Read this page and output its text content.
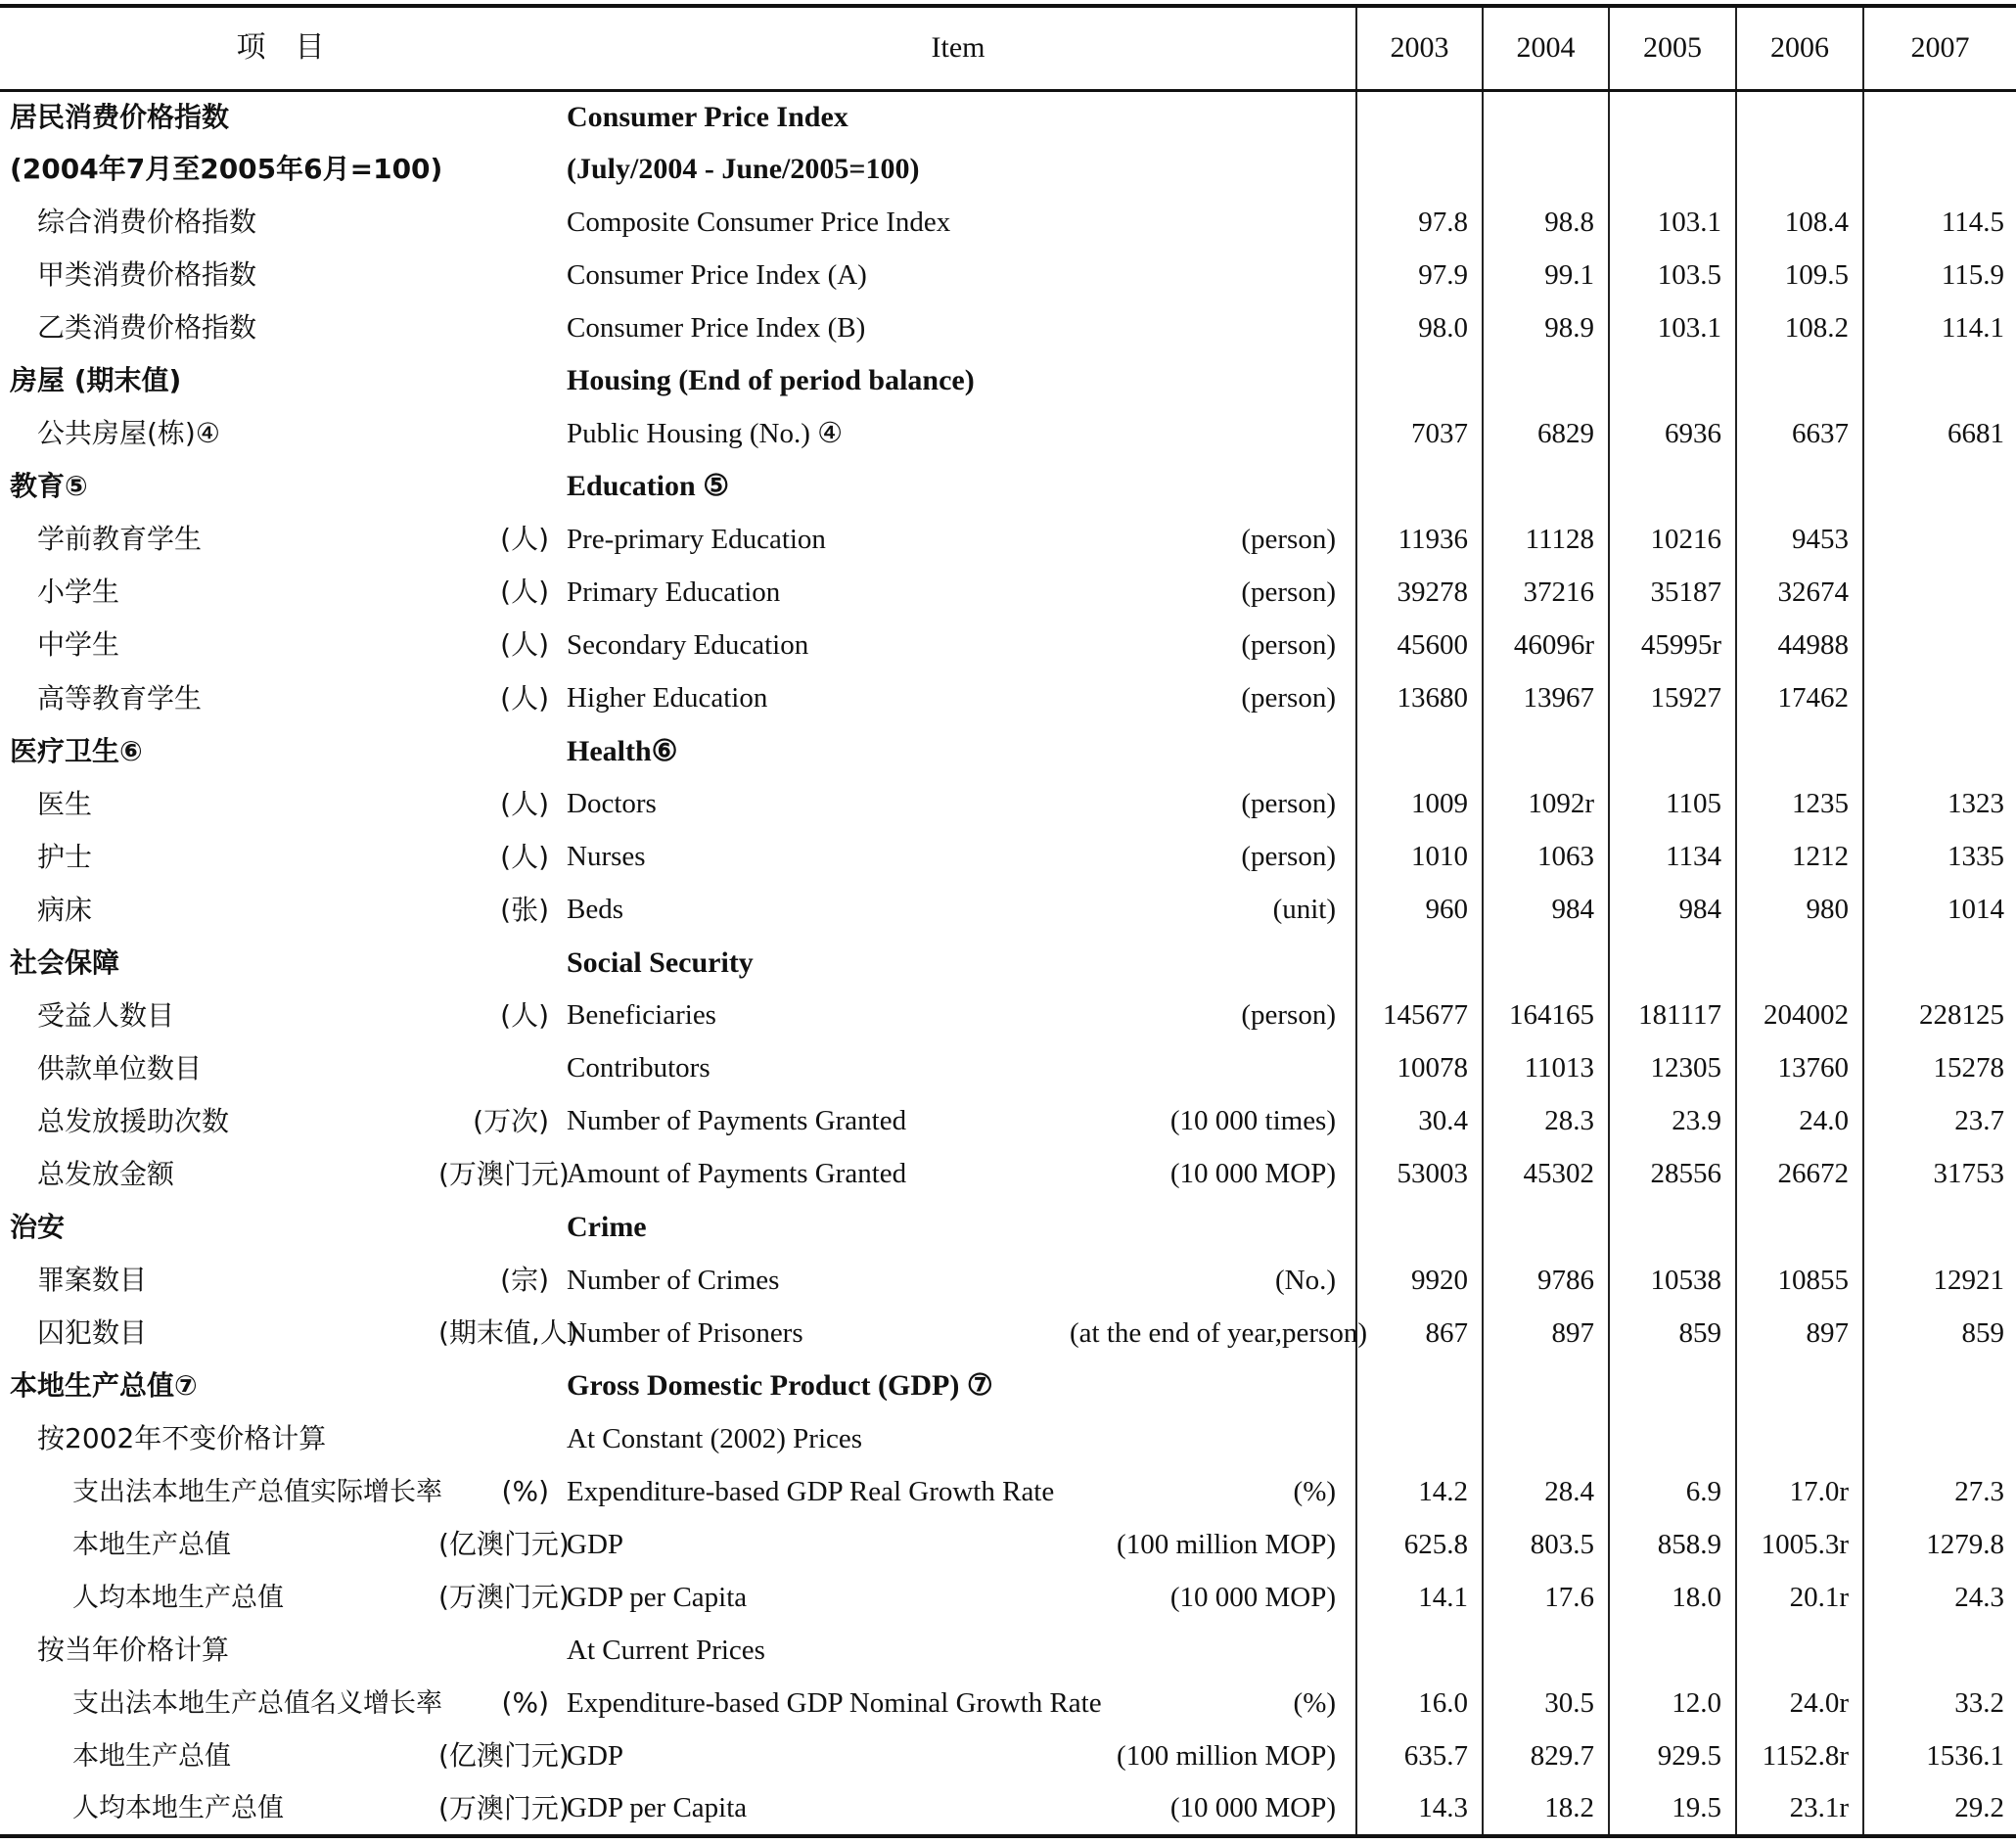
项　目		Item		2003	2004	2005	2006	2007
居民消费价格指数		Consumer Price Index						
(2004年7月至2005年6月=100)		(July/2004 - June/2005=100)						
综合消费价格指数		Composite Consumer Price Index		97.8	98.8	103.1	108.4	114.5
甲类消费价格指数		Consumer Price Index (A)		97.9	99.1	103.5	109.5	115.9
乙类消费价格指数		Consumer Price Index (B)		98.0	98.9	103.1	108.2	114.1
房屋 (期末值)		Housing (End of period balance)						
公共房屋(栋)④		Public Housing (No.) ④		7037	6829	6936	6637	6681
教育⑤		Education ⑤						
学前教育学生	(人)	Pre-primary Education	(person)	11936	11128	10216	9453	
小学生	(人)	Primary Education	(person)	39278	37216	35187	32674	
中学生	(人)	Secondary Education	(person)	45600	46096r	45995r	44988	
高等教育学生	(人)	Higher Education	(person)	13680	13967	15927	17462	
医疗卫生⑥		Health⑥						
医生	(人)	Doctors	(person)	1009	1092r	1105	1235	1323
护士	(人)	Nurses	(person)	1010	1063	1134	1212	1335
病床	(张)	Beds	(unit)	960	984	984	980	1014
社会保障		Social Security						
受益人数目	(人)	Beneficiaries	(person)	145677	164165	181117	204002	228125
供款单位数目		Contributors		10078	11013	12305	13760	15278
总发放援助次数	(万次)	Number of Payments Granted	(10 000 times)	30.4	28.3	23.9	24.0	23.7
总发放金额	(万澳门元)	Amount of Payments Granted	(10 000 MOP)	53003	45302	28556	26672	31753
治安		Crime						
罪案数目	(宗)	Number of Crimes	(No.)	9920	9786	10538	10855	12921
囚犯数目	(期末值,人)	Number of Prisoners	(at the end of year,person)	867	897	859	897	859
本地生产总值⑦		Gross Domestic Product (GDP) ⑦						
按2002年不变价格计算		At Constant (2002) Prices						
支出法本地生产总值实际增长率	(%)	Expenditure-based GDP Real Growth Rate	(%)	14.2	28.4	6.9	17.0r	27.3
本地生产总值	(亿澳门元)	GDP	(100 million MOP)	625.8	803.5	858.9	1005.3r	1279.8
人均本地生产总值	(万澳门元)	GDP per Capita	(10 000 MOP)	14.1	17.6	18.0	20.1r	24.3
按当年价格计算		At Current Prices						
支出法本地生产总值名义增长率	(%)	Expenditure-based GDP Nominal Growth Rate	(%)	16.0	30.5	12.0	24.0r	33.2
本地生产总值	(亿澳门元)	GDP	(100 million MOP)	635.7	829.7	929.5	1152.8r	1536.1
人均本地生产总值	(万澳门元)	GDP per Capita	(10 000 MOP)	14.3	18.2	19.5	23.1r	29.2
